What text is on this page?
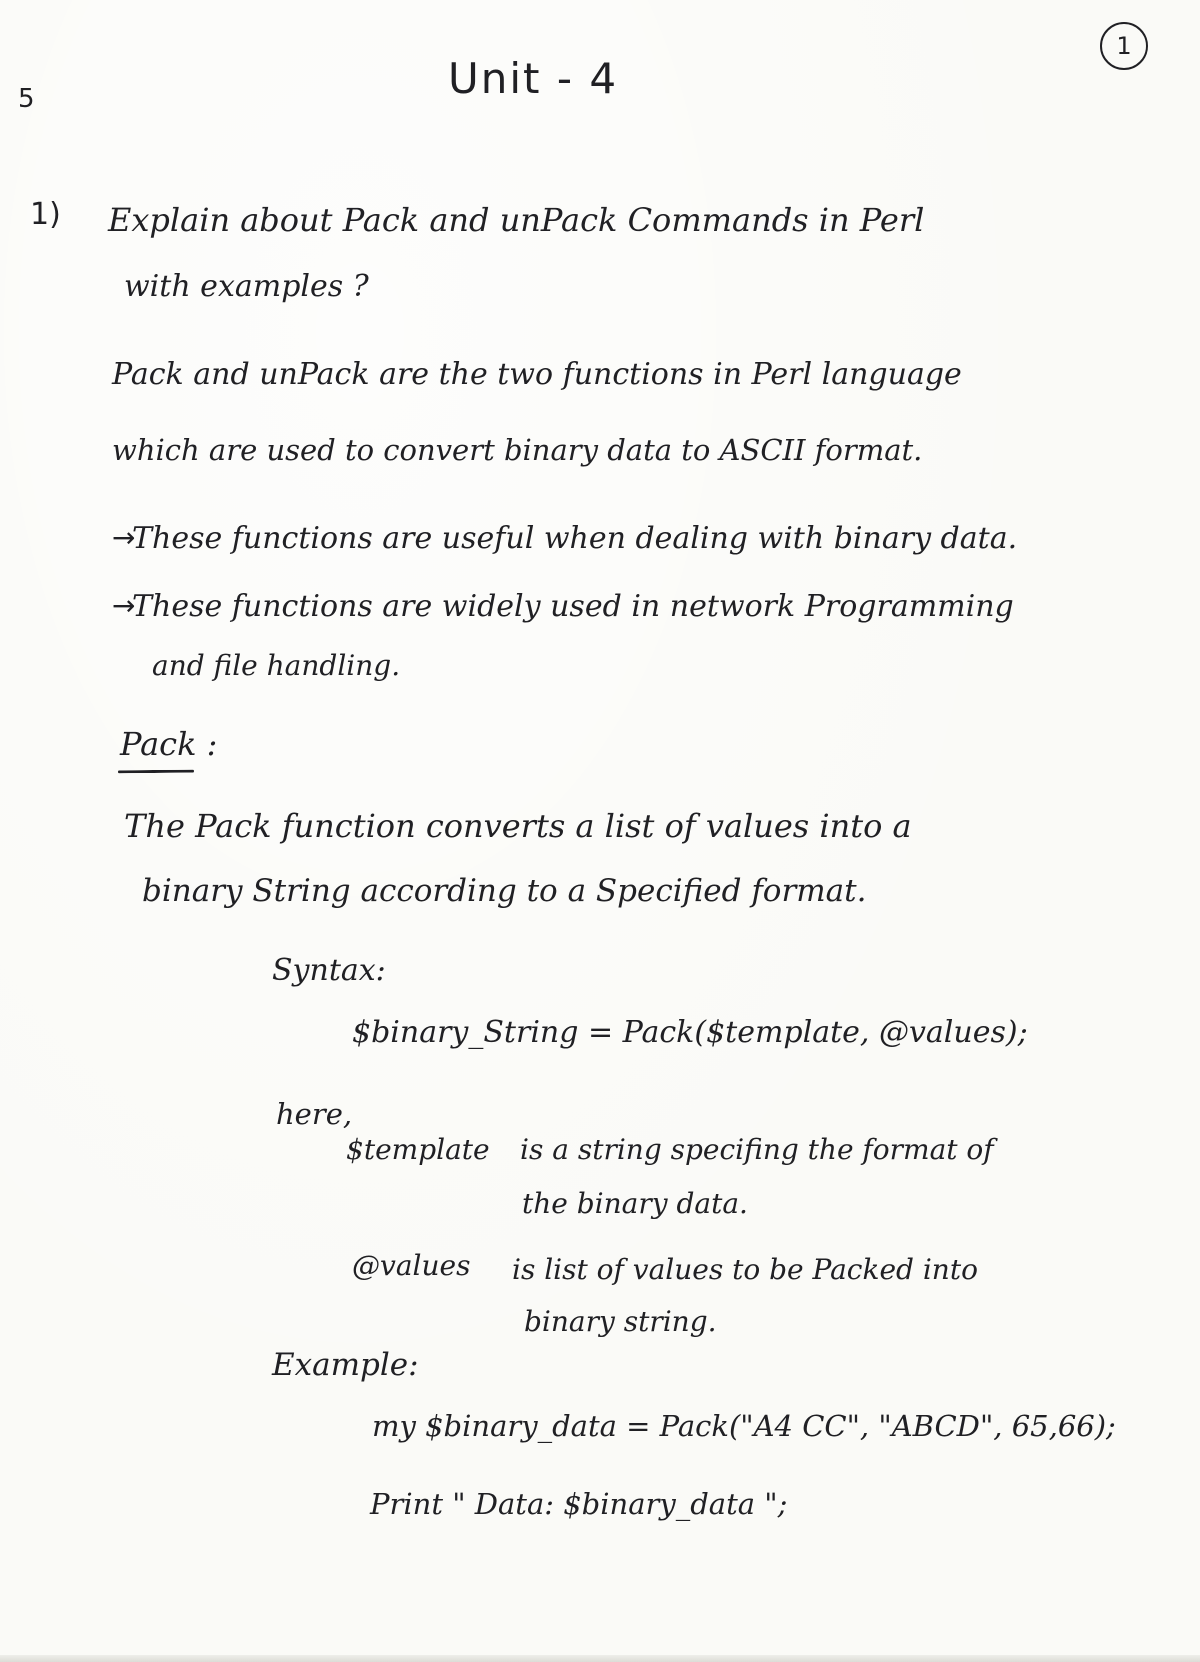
1
5	Unit - 4
1) Explain about Pack and unPack Commands in Perl
with examples ?
Pack and unPack are the two functions in Perl language
which are used to convert binary data to ASCII format.
→
These functions are useful when dealing with binary data.
→
These functions are widely used in network Programming
and file handling.
Pack :
The Pack function converts a list of values into a
binary String according to a Specified format.
Syntax:
$binary_String = Pack($template, @values);
here,
$template is a string specifing the format of
the binary data.
@values is list of values to be Packed into
binary string.
Example:
my $binary_data = Pack("A4 CC", "ABCD", 65,66);
Print " Data: $binary_data ";
